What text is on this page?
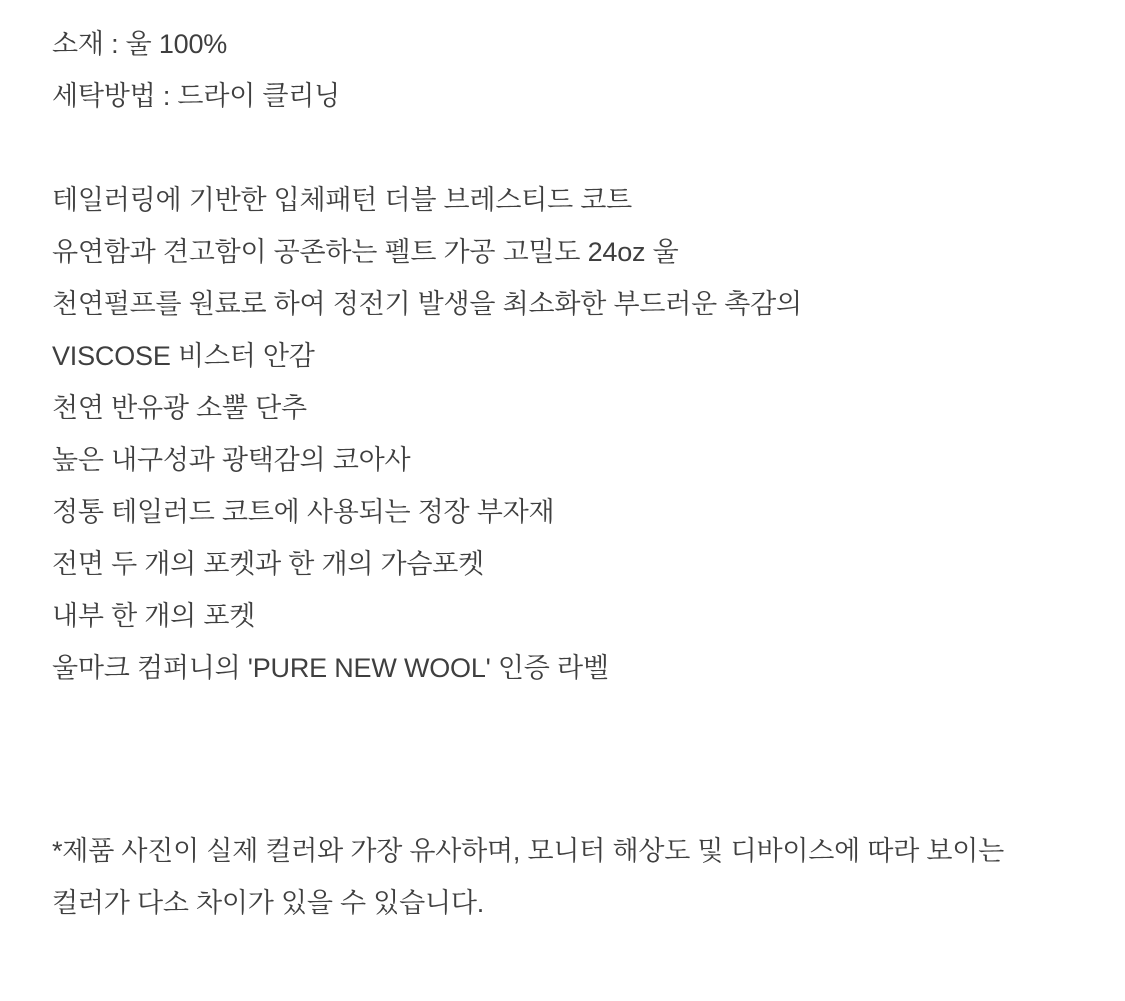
소재 : 울 100%
세탁방법 : 드라이 클리닝
테일러링에 기반한 입체패턴 더블 브레스티드 코트
유연함과 견고함이 공존하는 펠트 가공 고밀도 24oz 울
천연펄프를 원료로 하여 정전기 발생을 최소화한 부드러운 촉감의
VISCOSE 비스터 안감
천연 반유광 소뿔 단추
높은 내구성과 광택감의 코아사
정통 테일러드 코트에 사용되는 정장 부자재
전면 두 개의 포켓과 한 개의 가슴포켓
내부 한 개의 포켓
울마크 컴퍼니의 'PURE NEW WOOL' 인증 라벨

*제품 사진이 실제 컬러와 가장 유사하며, 모니터 해상도 및 디바이스에 따라 보이는 컬러가 다소 차이가 있을 수 있습니다.
